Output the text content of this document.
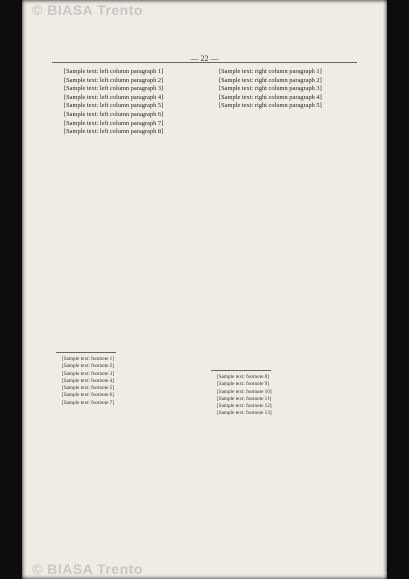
© BIASA Trento
— 22 —

[Sample text: left column paragraph 1]

[Sample text: left column paragraph 2]

[Sample text: left column paragraph 3]

[Sample text: left column paragraph 4]

[Sample text: left column paragraph 5]

[Sample text: left column paragraph 6]

[Sample text: left column paragraph 7]

[Sample text: left column paragraph 8]

[Sample text: right column paragraph 1]

[Sample text: right column paragraph 2]

[Sample text: right column paragraph 3]

[Sample text: right column paragraph 4]

[Sample text: right column paragraph 5]

[Sample text: footnote 1]

[Sample text: footnote 2]

[Sample text: footnote 3]

[Sample text: footnote 4]

[Sample text: footnote 5]

[Sample text: footnote 6]

[Sample text: footnote 7]

[Sample text: footnote 8]

[Sample text: footnote 9]

[Sample text: footnote 10]

[Sample text: footnote 11]

[Sample text: footnote 12]

[Sample text: footnote 13]

© BIASA Trento
